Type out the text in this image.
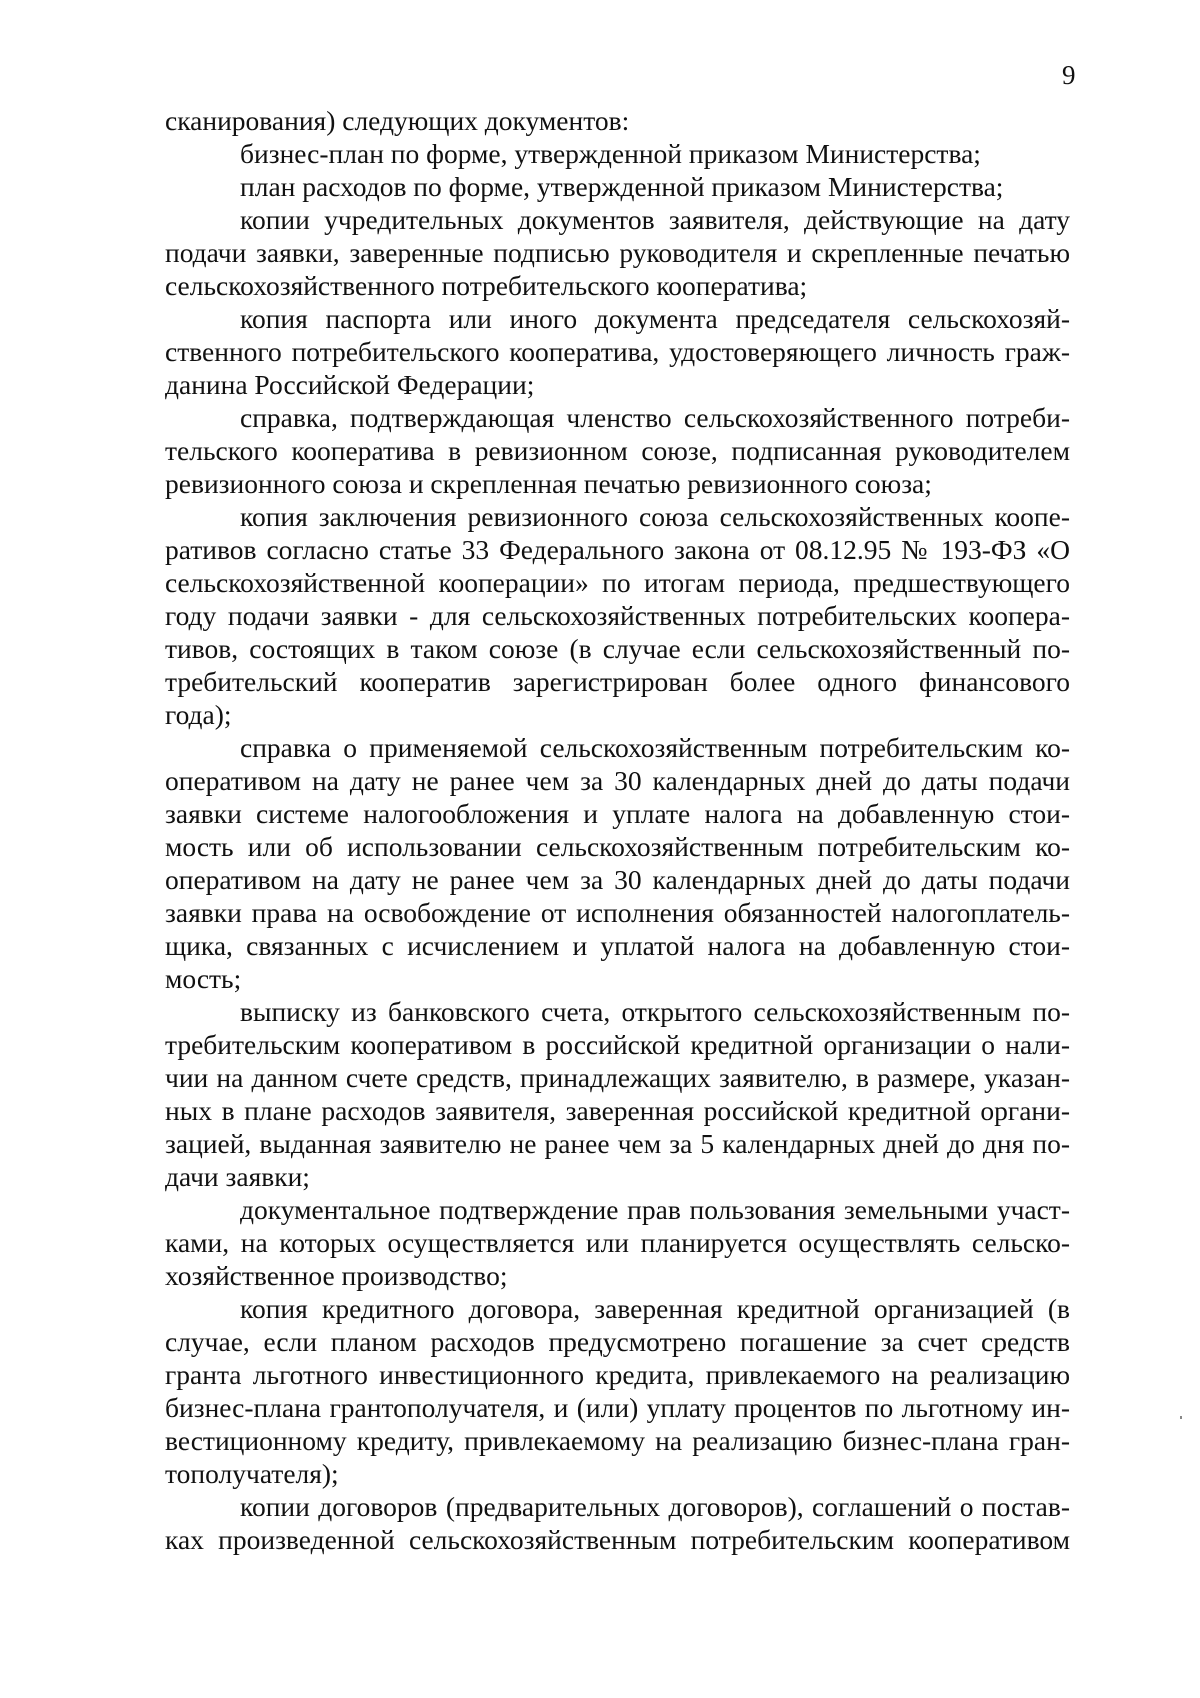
9
сканирования) следующих документов:
бизнес-план по форме, утвержденной приказом Министерства;
план расходов по форме, утвержденной приказом Министерства;
копии учредительных документов заявителя, действующие на дату
подачи заявки, заверенные подписью руководителя и скрепленные печатью
сельскохозяйственного потребительского кооператива;
копия паспорта или иного документа председателя сельскохозяй-
ственного потребительского кооператива, удостоверяющего личность граж-
данина Российской Федерации;
справка, подтверждающая членство сельскохозяйственного потреби-
тельского кооператива в ревизионном союзе, подписанная руководителем
ревизионного союза и скрепленная печатью ревизионного союза;
копия заключения ревизионного союза сельскохозяйственных коопе-
ративов согласно статье 33 Федерального закона от 08.12.95 № 193-ФЗ «О
сельскохозяйственной кооперации» по итогам периода, предшествующего
году подачи заявки - для сельскохозяйственных потребительских коопера-
тивов, состоящих в таком союзе (в случае если сельскохозяйственный по-
требительский кооператив зарегистрирован более одного финансового
года);
справка о применяемой сельскохозяйственным потребительским ко-
оперативом на дату не ранее чем за 30 календарных дней до даты подачи
заявки системе налогообложения и уплате налога на добавленную стои-
мость или об использовании сельскохозяйственным потребительским ко-
оперативом на дату не ранее чем за 30 календарных дней до даты подачи
заявки права на освобождение от исполнения обязанностей налогоплатель-
щика, связанных с исчислением и уплатой налога на добавленную стои-
мость;
выписку из банковского счета, открытого сельскохозяйственным по-
требительским кооперативом в российской кредитной организации о нали-
чии на данном счете средств, принадлежащих заявителю, в размере, указан-
ных в плане расходов заявителя, заверенная российской кредитной органи-
зацией, выданная заявителю не ранее чем за 5 календарных дней до дня по-
дачи заявки;
документальное подтверждение прав пользования земельными участ-
ками, на которых осуществляется или планируется осуществлять сельско-
хозяйственное производство;
копия кредитного договора, заверенная кредитной организацией (в
случае, если планом расходов предусмотрено погашение за счет средств
гранта льготного инвестиционного кредита, привлекаемого на реализацию
бизнес-плана грантополучателя, и (или) уплату процентов по льготному ин-
вестиционному кредиту, привлекаемому на реализацию бизнес-плана гран-
тополучателя);
копии договоров (предварительных договоров), соглашений о постав-
ках произведенной сельскохозяйственным потребительским кооперативом
